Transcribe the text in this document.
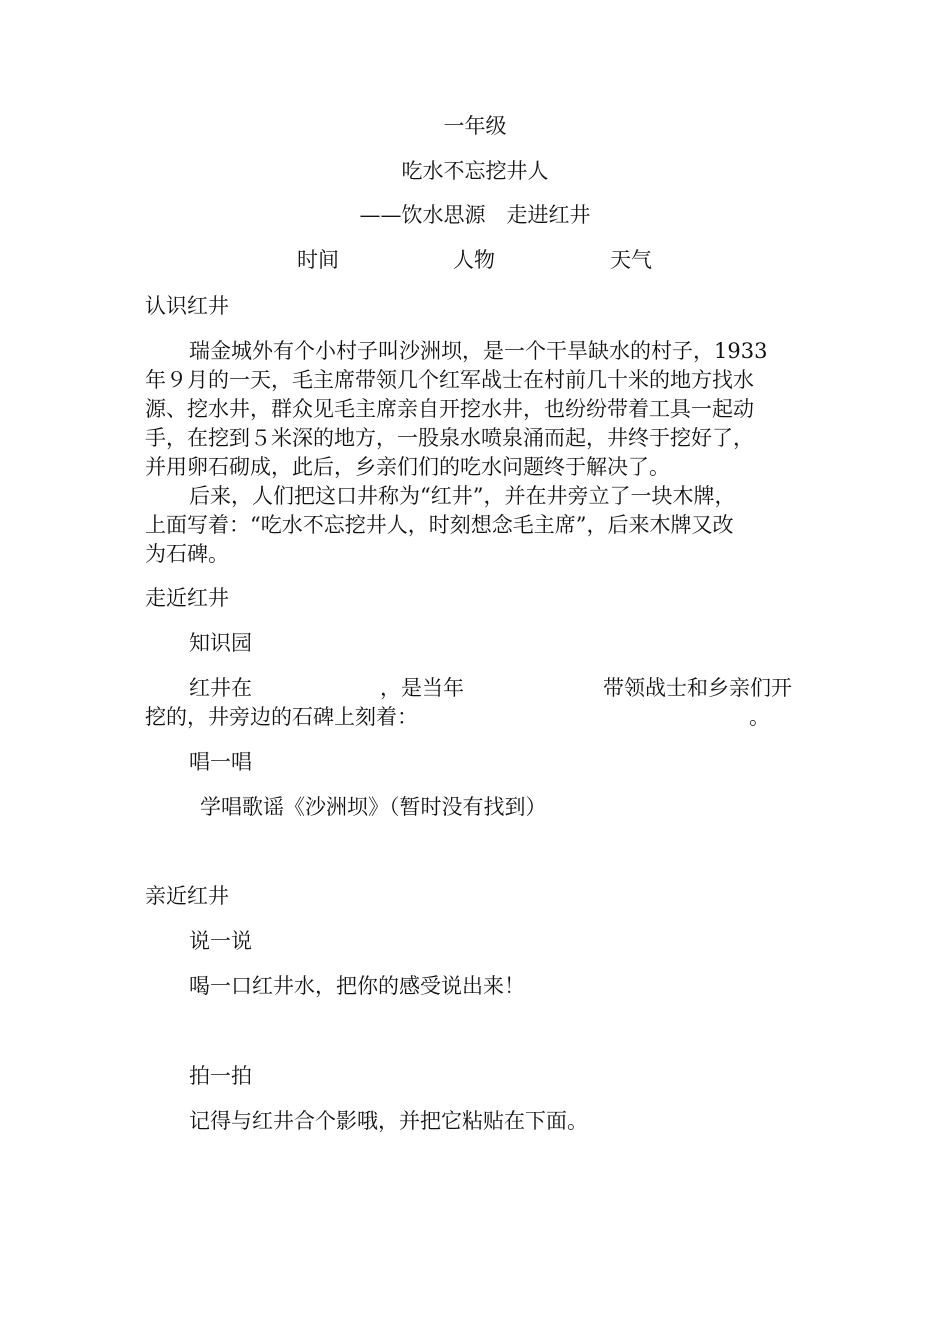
一年级
吃水不忘挖井人
——饮水思源　走进红井
时间	人物	天气
认识红井

瑞金城外有个小村子叫沙洲坝，是一个干旱缺水的村子，1933

年９月的一天，毛主席带领几个红军战士在村前几十米的地方找水

源、挖水井，群众见毛主席亲自开挖水井，也纷纷带着工具一起动

手，在挖到５米深的地方，一股泉水喷泉涌而起，井终于挖好了，

并用卵石砌成，此后，乡亲们们的吃水问题终于解决了。

后来，人们把这口井称为“红井”，并在井旁立了一块木牌，

上面写着：“吃水不忘挖井人，时刻想念毛主席”，后来木牌又改

为石碑。

走近红井
知识园
红井在	，是当年	带领战士和乡亲们开
挖的，井旁边的石碑上刻着：	。
唱一唱
学唱歌谣《沙洲坝》（暂时没有找到）
亲近红井
说一说
喝一口红井水，把你的感受说出来！
拍一拍
记得与红井合个影哦，并把它粘贴在下面。
